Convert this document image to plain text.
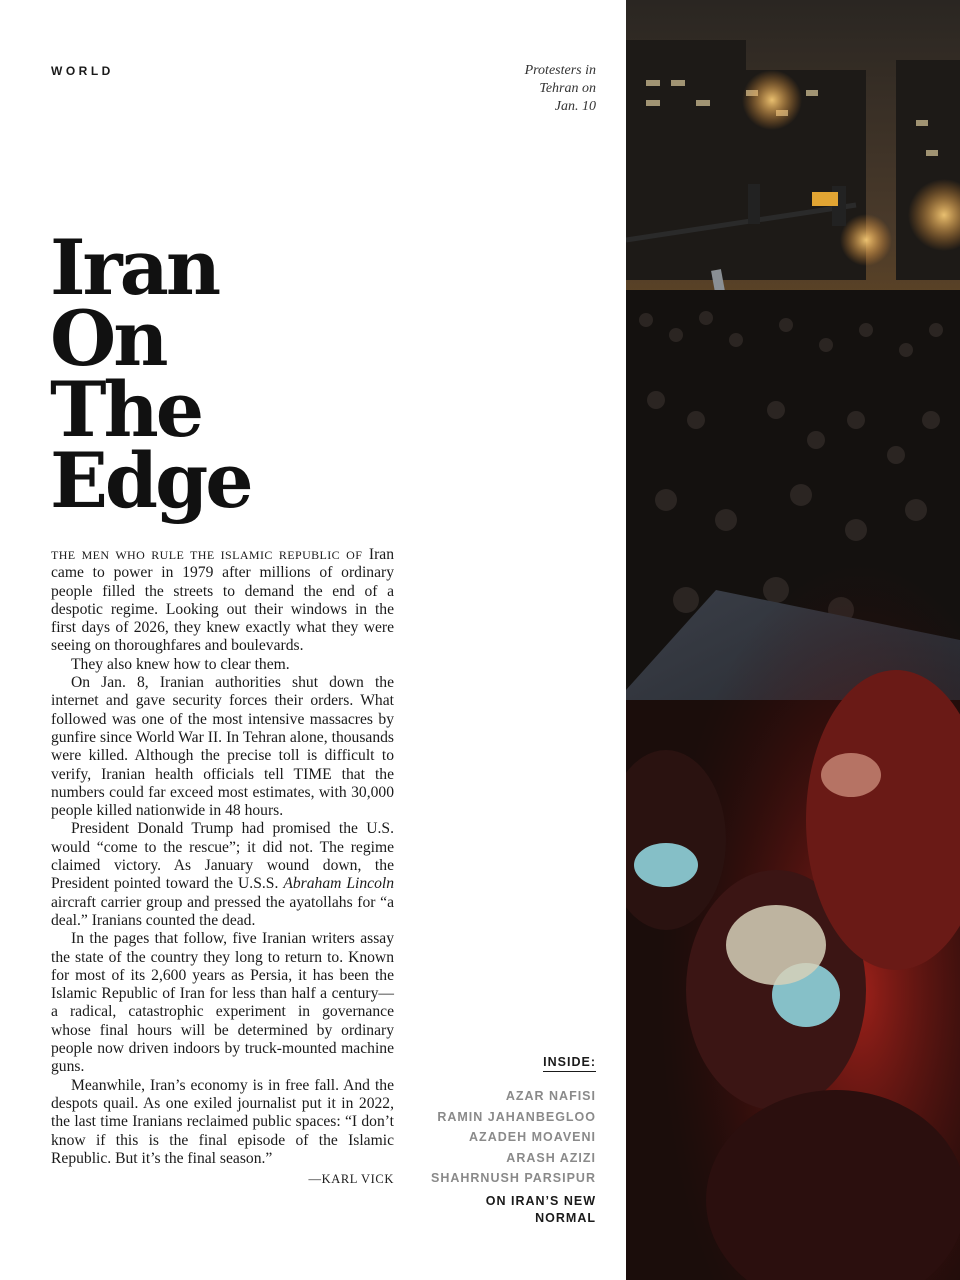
WORLD	Protesters in
Tehran on
Jan. 10
Iran
On
The
Edge

THE MEN WHO RULE THE ISLAMIC REPUBLIC OF Iran came to power in 1979 after millions of ordinary people filled the streets to demand the end of a despotic regime. Looking out their windows in the first days of 2026, they knew exactly what they were seeing on thoroughfares and boulevards.

They also knew how to clear them.

On Jan. 8, Iranian authorities shut down the internet and gave security forces their orders. What followed was one of the most intensive massacres by gunfire since World War II. In Tehran alone, thousands were killed. Although the precise toll is difficult to verify, Iranian health officials tell TIME that the numbers could far exceed most estimates, with 30,000 people killed nationwide in 48 hours.

President Donald Trump had promised the U.S. would “come to the rescue”; it did not. The regime claimed victory. As January wound down, the President pointed toward the U.S.S. Abraham Lincoln aircraft carrier group and pressed the ayatollahs for “a deal.” Iranians counted the dead.

In the pages that follow, five Iranian writers assay the state of the country they long to return to. Known for most of its 2,600 years as Persia, it has been the Islamic Republic of Iran for less than half a century—a radical, catastrophic experiment in governance whose final hours will be determined by ordinary people now driven indoors by truck-mounted machine guns.

Meanwhile, Iran’s economy is in free fall. And the despots quail. As one exiled journalist put it in 2022, the last time Iranians reclaimed public spaces: “I don’t know if this is the final episode of the Islamic Republic. But it’s the final season.”

—KARL VICK

INSIDE:
AZAR NAFISI
RAMIN JAHANBEGLOO
AZADEH MOAVENI
ARASH AZIZI
SHAHRNUSH PARSIPUR
ON IRAN’S NEW
NORMAL
